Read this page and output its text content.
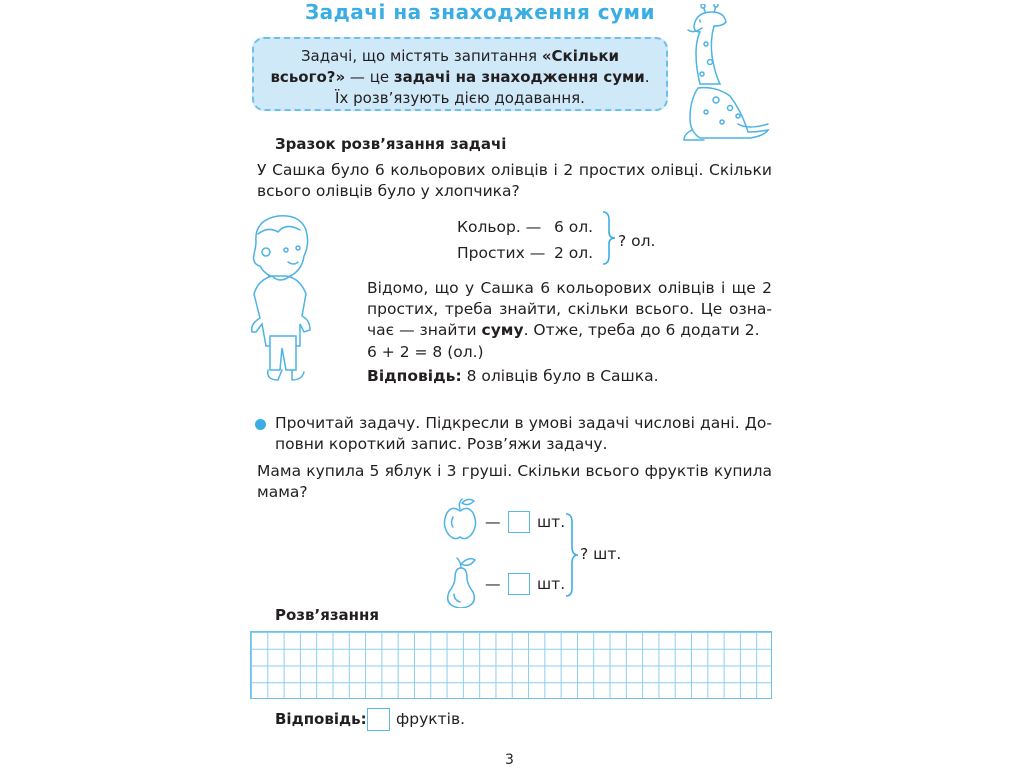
Задачі на знаходження суми
Задачі, що містять запитання «Скільки
всього?» — це задачі на знаходження суми.
Їх розв’язують дією додавання.
Зразок розв’язання задачі
У Сашка було 6 кольорових олівців і 2 простих олівці. Скільки всього олівців було у хлопчика?
Кольор. — 6 ол.
Простих — 2 ол.
? ол.
Відомо, що у Сашка 6 кольорових олівців і ще 2 простих, треба знайти, скільки всього. Це означає — знайти суму. Отже, треба до 6 додати 2.
6 + 2 = 8 (ол.)
Відповідь: 8 олівців було в Сашка.
Прочитай задачу. Підкресли в умові задачі числові дані. Доповни короткий запис. Розв’яжи задачу.
Мама купила 5 яблук і 3 груші. Скільки всього фруктів купила мама?
— шт.
— шт.
? шт.
Розв’язання
Відповідь: фруктів.
3
